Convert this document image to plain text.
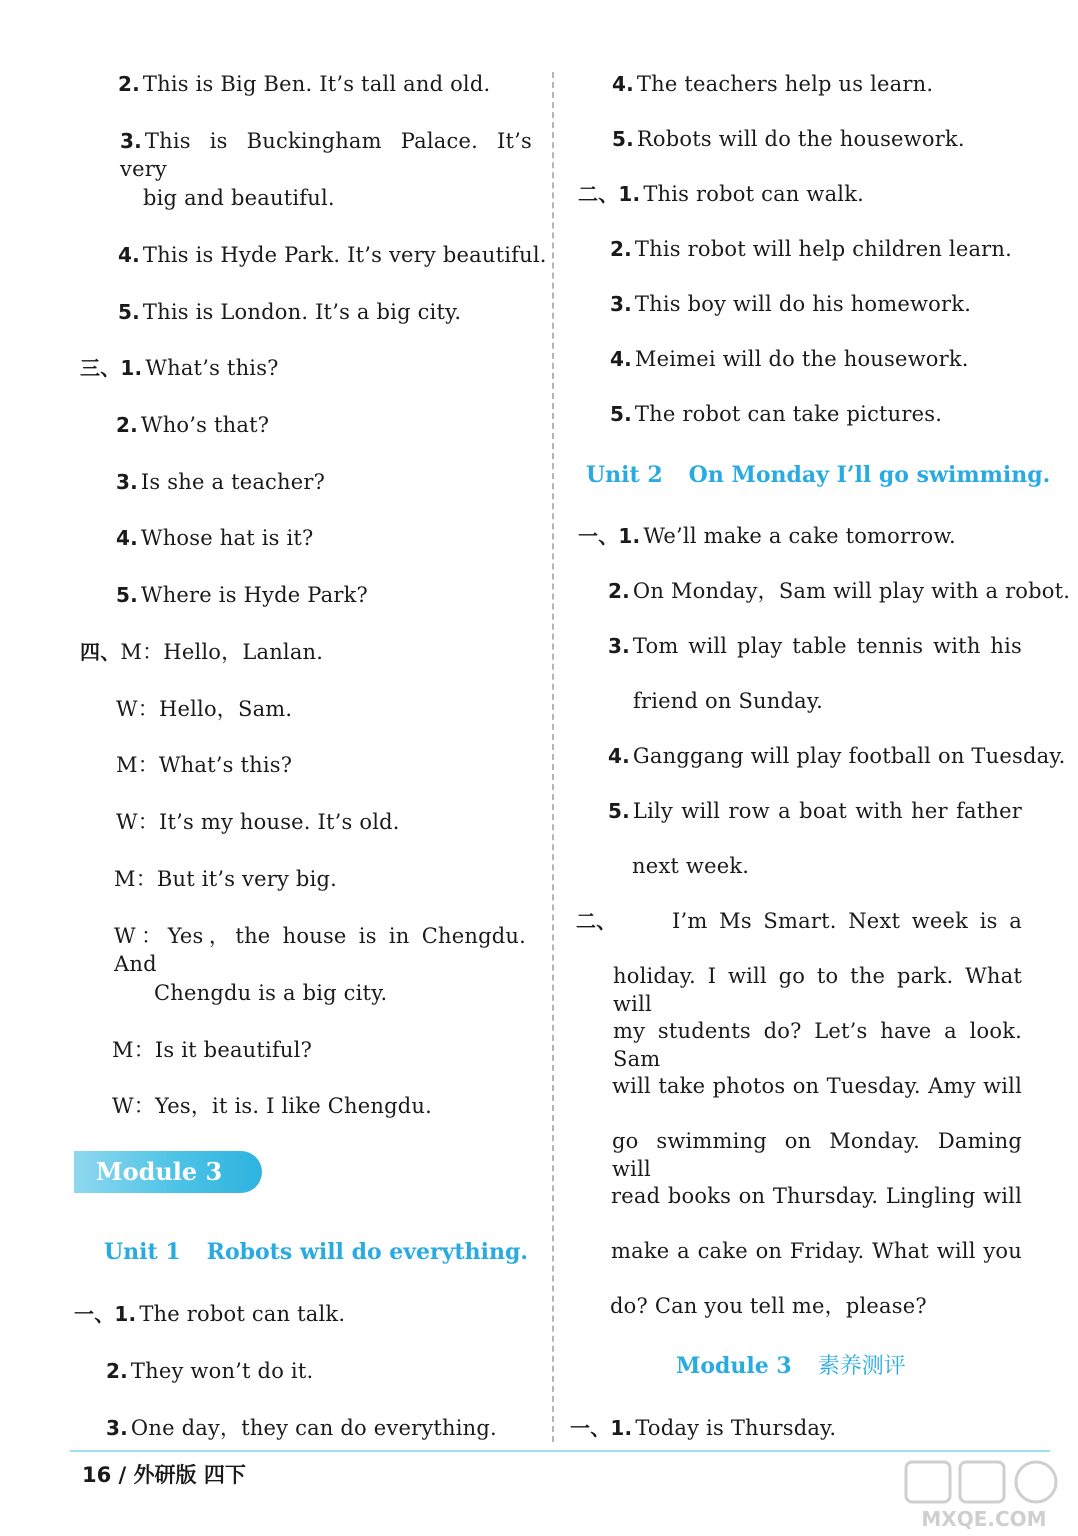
2. This is Big Ben. It’s tall and old.
3. This is Buckingham Palace. It’s very
big and beautiful.
4. This is Hyde Park. It’s very beautiful.
5. This is London. It’s a big city.
三、1. What’s this?
2. Who’s that?
3. Is she a teacher?
4. Whose hat is it?
5. Where is Hyde Park?
四、M：Hello，Lanlan.
W：Hello，Sam.
M：What’s this?
W：It’s my house. It’s old.
M：But it’s very big.
W：Yes，the house is in Chengdu. And
Chengdu is a big city.
M：Is it beautiful?
W：Yes，it is. I like Chengdu.
Module 3
Unit 1 Robots will do everything.
一、1. The robot can talk.
2. They won’t do it.
3. One day，they can do everything.
4. The teachers help us learn.
5. Robots will do the housework.
二、1. This robot can walk.
2. This robot will help children learn.
3. This boy will do his homework.
4. Meimei will do the housework.
5. The robot can take pictures.
Unit 2 On Monday I’ll go swimming.
一、1. We’ll make a cake tomorrow.
2. On Monday，Sam will play with a robot.
3. Tom will play table tennis with his
friend on Sunday.
4. Ganggang will play football on Tuesday.
5. Lily will row a boat with her father
next week.
二、	I’m Ms Smart. Next week is a
holiday. I will go to the park. What will
my students do? Let’s have a look. Sam
will take photos on Tuesday. Amy will
go swimming on Monday. Daming will
read books on Thursday. Lingling will
make a cake on Friday. What will you
do? Can you tell me，please?
Module 3 素养测评
一、1. Today is Thursday.
16 / 外研版 四下
MXQE.COM
